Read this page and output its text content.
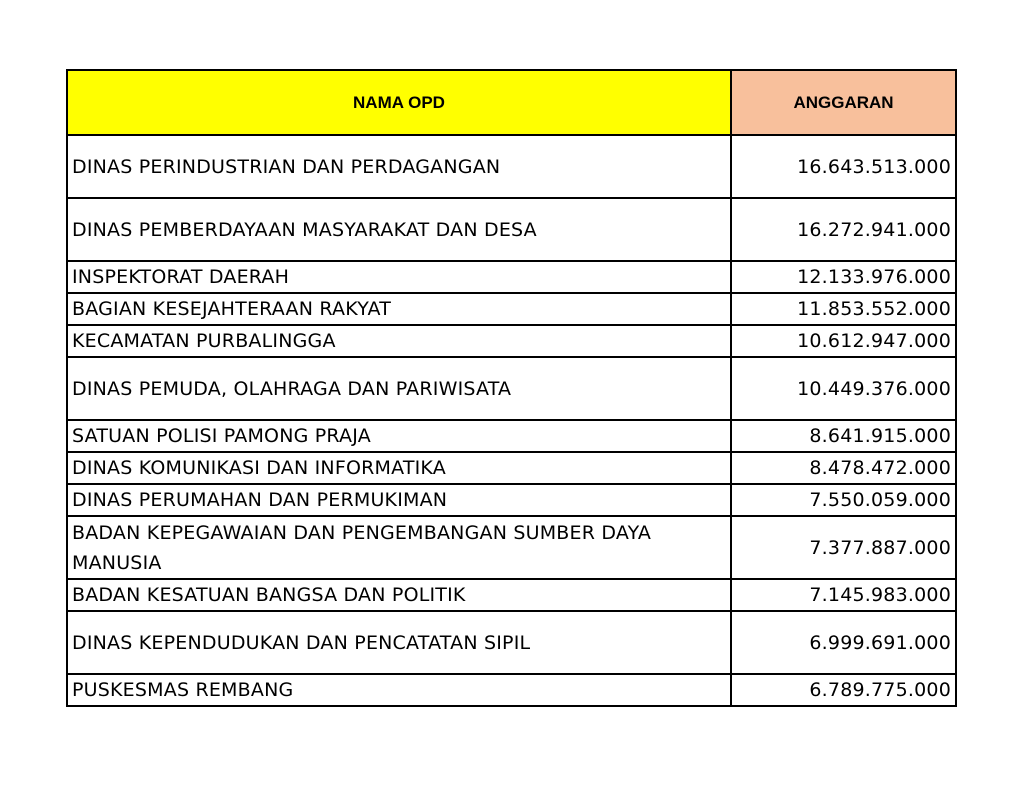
NAMA OPD	ANGGARAN
DINAS PERINDUSTRIAN DAN PERDAGANGAN	16.643.513.000
DINAS PEMBERDAYAAN MASYARAKAT DAN DESA	16.272.941.000
INSPEKTORAT DAERAH	12.133.976.000
BAGIAN KESEJAHTERAAN RAKYAT	11.853.552.000
KECAMATAN PURBALINGGA	10.612.947.000
DINAS PEMUDA, OLAHRAGA DAN PARIWISATA	10.449.376.000
SATUAN POLISI PAMONG PRAJA	8.641.915.000
DINAS KOMUNIKASI DAN INFORMATIKA	8.478.472.000
DINAS PERUMAHAN DAN PERMUKIMAN	7.550.059.000
BADAN KEPEGAWAIAN DAN PENGEMBANGAN SUMBER DAYA MANUSIA	7.377.887.000
BADAN KESATUAN BANGSA DAN POLITIK	7.145.983.000
DINAS KEPENDUDUKAN DAN PENCATATAN SIPIL	6.999.691.000
PUSKESMAS REMBANG	6.789.775.000
